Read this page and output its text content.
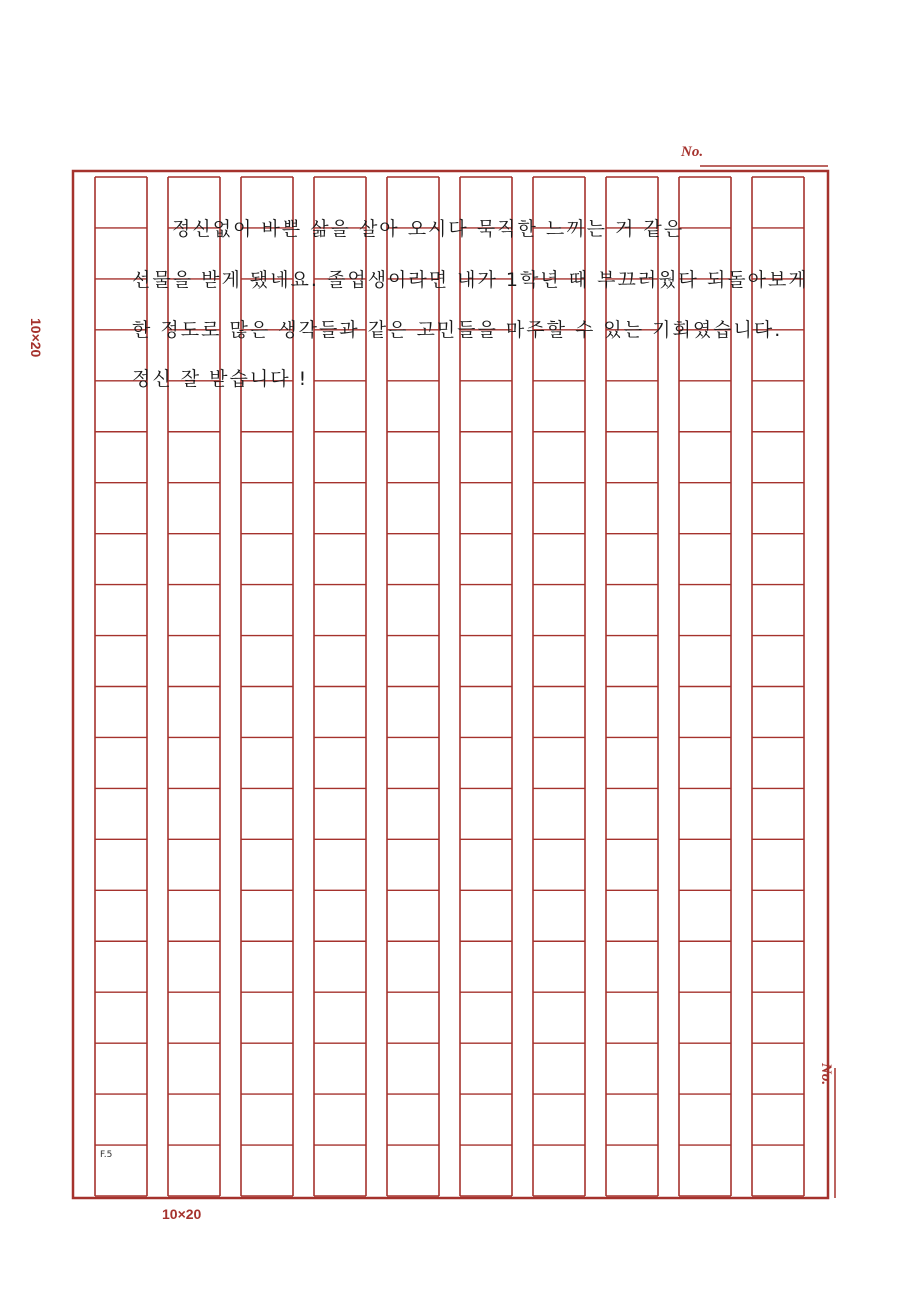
No.
No.
10×20
10×20
정신없이 바쁜 삶을 살아 오시다 묵직한 느끼는 거 같은
선물을 받게 됐네요. 졸업생이라면 내가 1학년 때 부끄러웠다 되돌아보게
한 정도로 많은 생각들과 같은 고민들을 마주할 수 있는 기회였습니다.
정신 잘 받습니다 !
F.5
